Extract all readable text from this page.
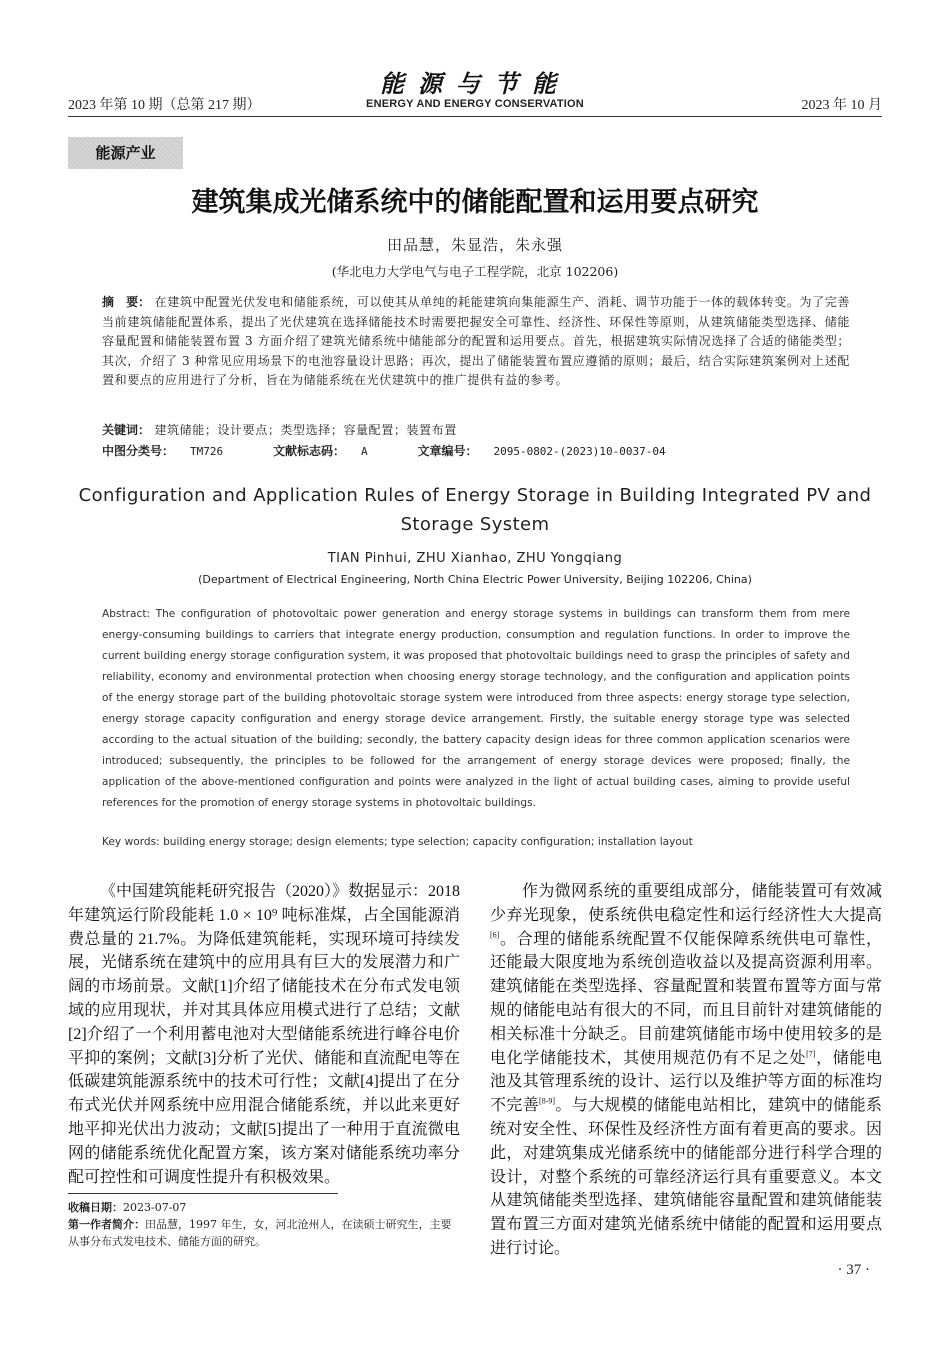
2023 年第 10 期（总第 217 期）
能源与节能
ENERGY AND ENERGY CONSERVATION	2023 年 10 月
能源产业
建筑集成光储系统中的储能配置和运用要点研究
田品慧，朱显浩，朱永强
(华北电力大学电气与电子工程学院，北京 102206)
摘　要： 在建筑中配置光伏发电和储能系统，可以使其从单纯的耗能建筑向集能源生产、消耗、调节功能于一体的载体转变。为了完善当前建筑储能配置体系，提出了光伏建筑在选择储能技术时需要把握安全可靠性、经济性、环保性等原则，从建筑储能类型选择、储能容量配置和储能装置布置 3 方面介绍了建筑光储系统中储能部分的配置和运用要点。首先，根据建筑实际情况选择了合适的储能类型；其次，介绍了 3 种常见应用场景下的电池容量设计思路；再次，提出了储能装置布置应遵循的原则；最后，结合实际建筑案例对上述配置和要点的应用进行了分析，旨在为储能系统在光伏建筑中的推广提供有益的参考。
关键词： 建筑储能；设计要点；类型选择；容量配置；装置布置
中图分类号： TM726	文献标志码： A	文章编号： 2095-0802-(2023)10-0037-04
Configuration and Application Rules of Energy Storage in Building Integrated PV and Storage System
TIAN Pinhui, ZHU Xianhao, ZHU Yongqiang
(Department of Electrical Engineering, North China Electric Power University, Beijing 102206, China)
Abstract: The configuration of photovoltaic power generation and energy storage systems in buildings can transform them from mere energy-consuming buildings to carriers that integrate energy production, consumption and regulation functions. In order to improve the current building energy storage configuration system, it was proposed that photovoltaic buildings need to grasp the principles of safety and reliability, economy and environmental protection when choosing energy storage technology, and the configuration and application points of the energy storage part of the building photovoltaic storage system were introduced from three aspects: energy storage type selection, energy storage capacity configuration and energy storage device arrangement. Firstly, the suitable energy storage type was selected according to the actual situation of the building; secondly, the battery capacity design ideas for three common application scenarios were introduced; subsequently, the principles to be followed for the arrangement of energy storage devices were proposed; finally, the application of the above-mentioned configuration and points were analyzed in the light of actual building cases, aiming to provide useful references for the promotion of energy storage systems in photovoltaic buildings.
Key words: building energy storage; design elements; type selection; capacity configuration; installation layout

《中国建筑能耗研究报告（2020）》数据显示：2018 年建筑运行阶段能耗 1.0 × 10⁹ 吨标准煤，占全国能源消费总量的 21.7%。为降低建筑能耗，实现环境可持续发展，光储系统在建筑中的应用具有巨大的发展潜力和广阔的市场前景。文献[1]介绍了储能技术在分布式发电领域的应用现状，并对其具体应用模式进行了总结；文献[2]介绍了一个利用蓄电池对大型储能系统进行峰谷电价平抑的案例；文献[3]分析了光伏、储能和直流配电等在低碳建筑能源系统中的技术可行性；文献[4]提出了在分布式光伏并网系统中应用混合储能系统，并以此来更好地平抑光伏出力波动；文献[5]提出了一种用于直流微电网的储能系统优化配置方案，该方案对储能系统功率分配可控性和可调度性提升有积极效果。

作为微网系统的重要组成部分，储能装置可有效减少弃光现象，使系统供电稳定性和运行经济性大大提高[6]。合理的储能系统配置不仅能保障系统供电可靠性，还能最大限度地为系统创造收益以及提高资源利用率。建筑储能在类型选择、容量配置和装置布置等方面与常规的储能电站有很大的不同，而且目前针对建筑储能的相关标准十分缺乏。目前建筑储能市场中使用较多的是电化学储能技术，其使用规范仍有不足之处[7]，储能电池及其管理系统的设计、运行以及维护等方面的标准均不完善[8-9]。与大规模的储能电站相比，建筑中的储能系统对安全性、环保性及经济性方面有着更高的要求。因此，对建筑集成光储系统中的储能部分进行科学合理的设计，对整个系统的可靠经济运行具有重要意义。本文从建筑储能类型选择、建筑储能容量配置和建筑储能装置布置三方面对建筑光储系统中储能的配置和运用要点进行讨论。

收稿日期：2023-07-07
第一作者简介：田品慧，1997 年生，女，河北沧州人，在读硕士研究生，主要从事分布式发电技术、储能方面的研究。
· 37 ·
